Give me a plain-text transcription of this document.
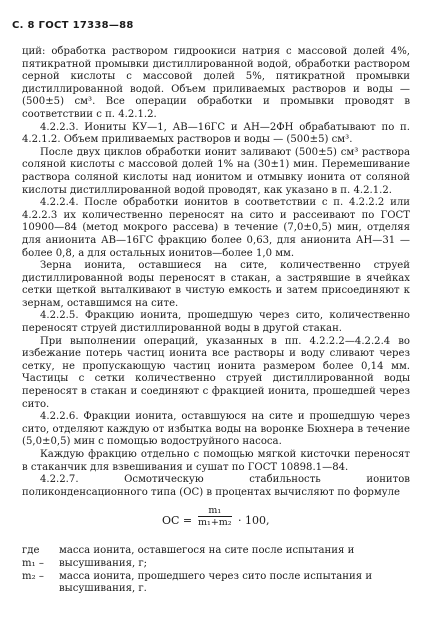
С. 8 ГОСТ 17338—88

ций: обработка раствором гидроокиси натрия с массовой долей 4%, пятикратной промывки дистиллированной водой, обработки раствором серной кислоты с массовой долей 5%, пятикратной промывки дистиллированной водой. Объем приливаемых растворов и воды — (500±5) см³. Все операции обработки и промывки проводят в соответствии с п. 4.2.1.2.

4.2.2.3. Иониты КУ—1, АВ—16ГС и АН—2ФН обрабатывают по п. 4.2.1.2. Объем приливаемых растворов и воды — (500±5) см³.

После двух циклов обработки ионит заливают (500±5) см³ раствора соляной кислоты с массовой долей 1% на (30±1) мин. Перемешивание раствора соляной кислоты над ионитом и отмывку ионита от соляной кислоты дистиллированной водой проводят, как указано в п. 4.2.1.2.

4.2.2.4. После обработки ионитов в соответствии с п. 4.2.2.2 или 4.2.2.3 их количественно переносят на сито и рассеивают по ГОСТ 10900—84 (метод мокрого рассева) в течение (7,0±0,5) мин, отделяя для анионита АВ—16ГС фракцию более 0,63, для анионита АН—31 — более 0,8, а для остальных ионитов—более 1,0 мм.

Зерна ионита, оставшиеся на сите, количественно струей дистиллированной воды переносят в стакан, а застрявшие в ячейках сетки щеткой выталкивают в чистую емкость и затем присоединяют к зернам, оставшимся на сите.

4.2.2.5. Фракцию ионита, прошедшую через сито, количественно переносят струей дистиллированной воды в другой стакан.

При выполнении операций, указанных в пп. 4.2.2.2—4.2.2.4 во избежание потерь частиц ионита все растворы и воду сливают через сетку, не пропускающую частиц ионита размером более 0,14 мм. Частицы с сетки количественно струей дистиллированной воды переносят в стакан и соединяют с фракцией ионита, прошедшей через сито.

4.2.2.6. Фракции ионита, оставшуюся на сите и прошедшую через сито, отделяют каждую от избытка воды на воронке Бюхнера в течение (5,0±0,5) мин с помощью водоструйного насоса.

Каждую фракцию отдельно с помощью мягкой кисточки переносят в стаканчик для взвешивания и сушат по ГОСТ 10898.1—84.

4.2.2.7. Осмотическую стабильность ионитов поликонденсационного типа (ОС) в процентах вычисляют по формуле

ОС = $\frac{\text{m₁}}{\text{m₁+m₂}} \cdot 100$,
где m₁ –
масса ионита, оставшегося на сите после испытания и высушивания, г;
m₂ –	масса ионита, прошедшего через сито после испытания и высушивания, г.
